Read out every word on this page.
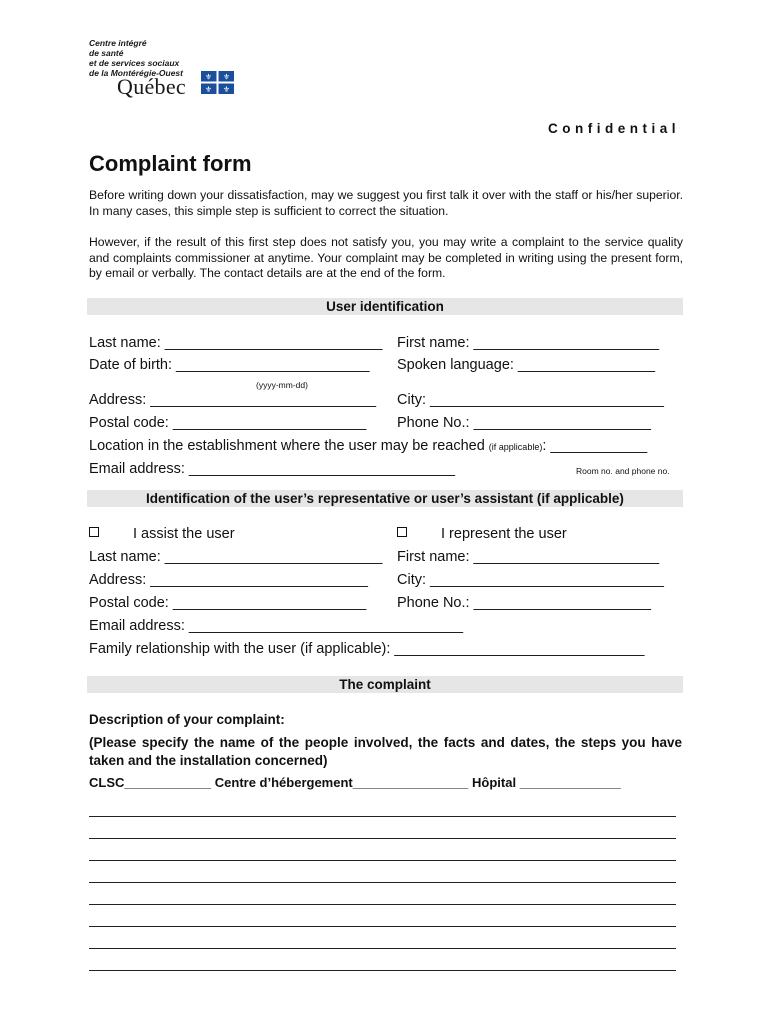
Centre intégré
de santé
et de services sociaux
de la Montérégie-Ouest
Québec ⚜ ⚜
⚜ ⚜
Confidential
Complaint form
Before writing down your dissatisfaction, may we suggest you first talk it over with the staff or his/her superior. In many cases, this simple step is sufficient to correct the situation.
However, if the result of this first step does not satisfy you, you may write a complaint to the service quality and complaints commissioner at anytime. Your complaint may be completed in writing using the present form, by email or verbally. The contact details are at the end of the form.
User identification
Last name: ___________________________ First name: _______________________
Date of birth: ________________________ Spoken language: _________________
(yyyy-mm-dd)
Address: ____________________________ City: _____________________________
Postal code: ________________________ Phone No.: ______________________
Location in the establishment where the user may be reached (if applicable): ____________
Email address: _________________________________	Room no. and phone no.
Identification of the user’s representative or user’s assistant (if applicable)
I assist the user	I represent the user
Last name: ___________________________ First name: _______________________
Address: ___________________________ City: _____________________________
Postal code: ________________________ Phone No.: ______________________
Email address: __________________________________
Family relationship with the user (if applicable): _______________________________
The complaint
Description of your complaint:
(Please specify the name of the people involved, the facts and dates, the steps you have taken and the installation concerned)
CLSC____________ Centre d’hébergement________________ Hôpital ______________
